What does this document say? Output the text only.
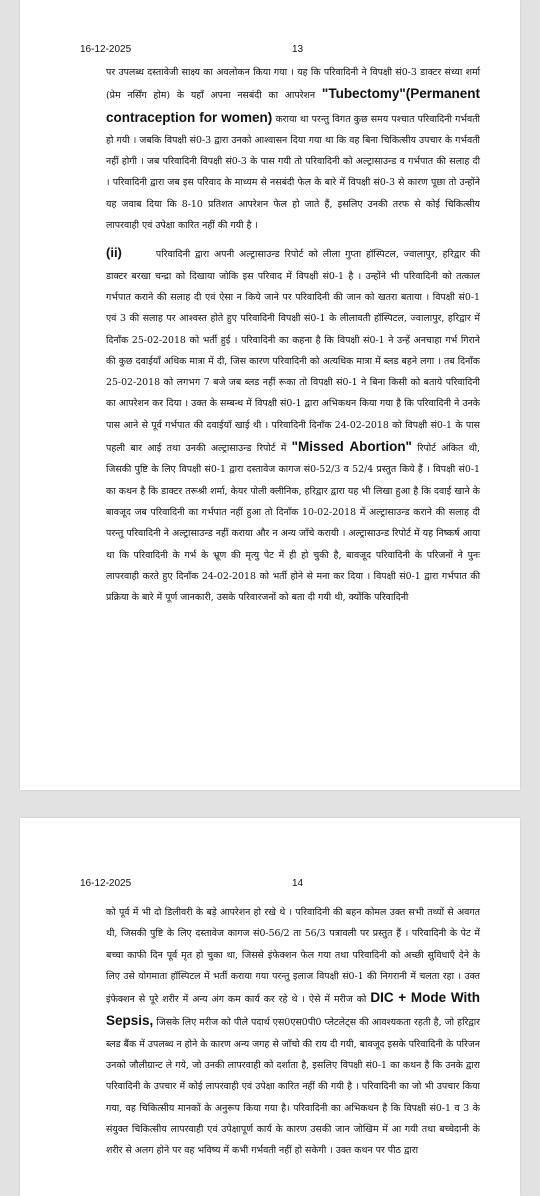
16-12-2025	13

पर उपलब्ध दस्तावेजी साक्ष्य का अवलोकन किया गया । यह कि परिवादिनी ने विपक्षी सं0-3 डाक्टर संध्या शर्मा (प्रेम नर्सिंग होम) के यहाँ अपना नसबंदी का आपरेशन "Tubectomy"(Permanent contraception for women) कराया था परन्तु विगत कुछ समय पश्चात परिवादिनी गर्भवती हो गयी । जबकि विपक्षी सं0-3 द्वारा उनको आश्वासन दिया गया था कि वह बिना चिकित्सीय उपचार के गर्भवती नहीं होगी । जब परिवादिनी विपक्षी सं0-3 के पास गयी तो परिवादिनी को अल्ट्रासाउन्ड व गर्भपात की सलाह दी । परिवादिनी द्वारा जब इस परिवाद के माध्यम से नसबंदी फेल के बारे में विपक्षी सं0-3 से कारण पूछा तो उन्होंने यह जवाब दिया कि 8-10 प्रतिशत आपरेशन फेल हो जाते हैं, इसलिए उनकी तरफ से कोई चिकित्सीय लापरवाही एवं उपेक्षा कारित नहीं की गयी है ।

(ii)	परिवादिनी द्वारा अपनी अल्ट्रासाउन्ड रिपोर्ट को लीला गुप्ता हॉस्पिटल, ज्वालापुर, हरिद्वार की डाक्टर बरखा चन्द्रा को दिखाया जोकि इस परिवाद में विपक्षी सं0-1 है । उन्होंने भी परिवादिनी को तत्काल गर्भपात कराने की सलाह दी एवं ऐसा न किये जाने पर परिवादिनी की जान को खतरा बताया । विपक्षी सं0-1 एवं 3 की सलाह पर आश्वस्त होते हुए परिवादिनी विपक्षी सं0-1 के लीलावती हॉस्पिटल, ज्वालापुर, हरिद्वार में दिनाँक 25-02-2018 को भर्ती हुई । परिवादिनी का कहना है कि विपक्षी सं0-1 ने उन्हें अनचाहा गर्भ गिराने की कुछ दवाईयाँ अधिक मात्रा में दी, जिस कारण परिवादिनी को अत्यधिक मात्रा में ब्लड बहने लगा । तब दिनाँक 25-02-2018 को लगभग 7 बजे जब ब्लड नहीं रूका तो विपक्षी सं0-1 ने बिना किसी को बताये परिवादिनी का आपरेशन कर दिया । उक्त के सम्बन्ध में विपक्षी सं0-1 द्वारा अभिकथन किया गया है कि परिवादिनी ने उनके पास आने से पूर्व गर्भपात की दवाईयाँ खाई थी । परिवादिनी दिनाँक 24-02-2018 को विपक्षी सं0-1 के पास पहली बार आई तथा उनकी अल्ट्रासाउन्ड रिपोर्ट में "Missed Abortion" रिपोर्ट अंकित थी, जिसकी पुष्टि के लिए विपक्षी सं0-1 द्वारा दस्तावेज कागज सं0-52/3 व 52/4 प्रस्तुत किये हैं । विपक्षी सं0-1 का कथन है कि डाक्टर तरूश्री शर्मा, केयर पोली क्लीनिक, हरिद्वार द्वारा यह भी लिखा हुआ है कि दवाई खाने के बावजूद जब परिवादिनी का गर्भपात नहीं हुआ तो दिनाँक 10-02-2018 में अल्ट्रासाउन्ड कराने की सलाह दी परन्तु परिवादिनी ने अल्ट्रासाउन्ड नहीं कराया और न अन्य जाँचे करायी । अल्ट्रासाउन्ड रिपोर्ट में यह निष्कर्ष आया था कि परिवादिनी के गर्भ के भ्रूण की मृत्यु पेट में ही हो चुकी है, बावजूद परिवादिनी के परिजनों ने पुनः लापरवाही करते हुए दिनाँक 24-02-2018 को भर्ती होने से मना कर दिया । विपक्षी सं0-1 द्वारा गर्भपात की प्रक्रिया के बारे में पूर्ण जानकारी, उसके परिवारजनों को बता दी गयी थी, क्योंकि परिवादिनी

16-12-2025	14

को पूर्व में भी दो डिलीवरी के बड़े आपरेशन हो रखे थे । परिवादिनी की बहन कोमल उक्त सभी तथ्यों से अवगत थी, जिसकी पुष्टि के लिए दस्तावेज कागज सं0-56/2 ता 56/3 पत्रावली पर प्रस्तुत हैं । परिवादिनी के पेट में बच्चा काफी दिन पूर्व मृत हो चुका था, जिससे इंफेक्शन फेल गया तथा परिवादिनी को अच्छी सुविधाएँ देने के लिए उसे योगमाता हॉस्पिटल में भर्ती कराया गया परन्तु इलाज विपक्षी सं0-1 की निगरानी में चलता रहा । उक्त इंफेक्शन से पूरे शरीर में अन्य अंग कम कार्य कर रहे थे । ऐसे में मरीज को DIC + Mode With Sepsis, जिसके लिए मरीज को पीले पदार्थ एस0एस0पी0 प्लेटलेट्स की आवश्यकता रहती है, जो हरिद्वार ब्लड बैंक में उपलब्ध न होने के कारण अन्य जगह से जाँचो की राय दी गयी, बावजूद इसके परिवादिनी के परिजन उनको जौलीग्रान्ट ले गये, जो उनकी लापरवाही को दर्शाता है, इसलिए विपक्षी सं0-1 का कथन है कि उनके द्वारा परिवादिनी के उपचार में कोई लापरवाही एवं उपेक्षा कारित नहीं की गयी है । परिवादिनी का जो भी उपचार किया गया, वह चिकित्सीय मानकों के अनुरूप किया गया है। परिवादिनी का अभिकथन है कि विपक्षी सं0-1 व 3 के संयुक्त चिकित्सीय लापरवाही एवं उपेक्षापूर्ण कार्य के कारण उसकी जान जोखिम में आ गयी तथा बच्चेदानी के शरीर से अलग होने पर वह भविष्य में कभी गर्भवती नहीं हो सकेगी । उक्त कथन पर पीठ द्वारा
